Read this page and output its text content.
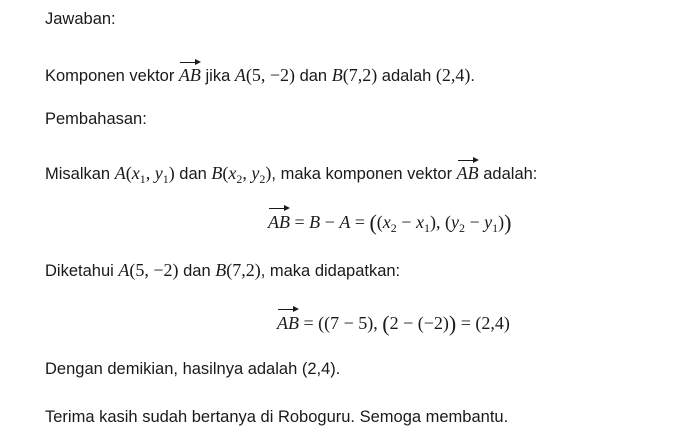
Jawaban:
Komponen vektor AB jika A(5, −2) dan B(7,2) adalah (2,4).
Pembahasan:
Misalkan $A(x_1$, $y_1$) dan $B(x_2$, $y_2$), maka komponen vektor AB adalah:
AB = $B - A = ((x_2 - x_1)$, $(y_2 - y_1)$)
Diketahui A(5, −2) dan B(7,2), maka didapatkan:
AB = ((7 − 5), (2 − (−2)) = (2,4)
Dengan demikian, hasilnya adalah (2,4).
Terima kasih sudah bertanya di Roboguru. Semoga membantu.
